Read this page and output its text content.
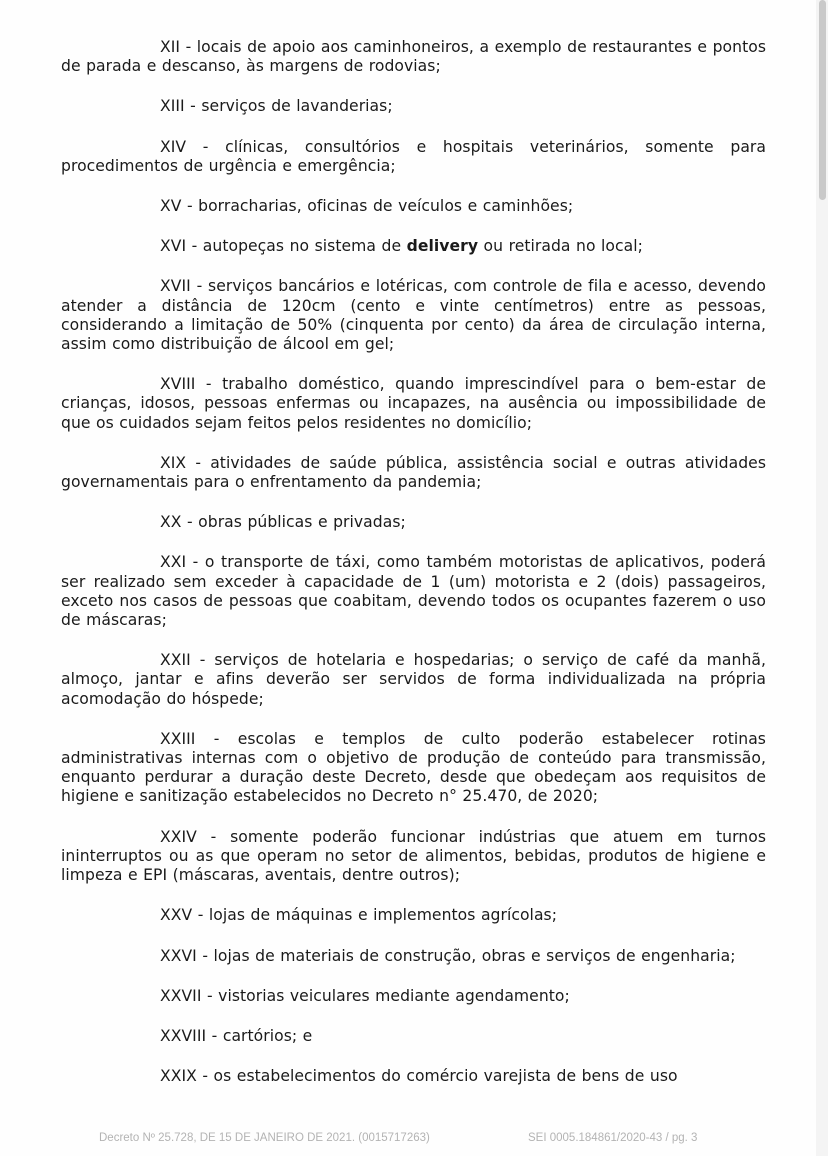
XII - locais de apoio aos caminhoneiros, a exemplo de restaurantes e pontos de parada e descanso, às margens de rodovias;

XIII - serviços de lavanderias;

XIV - clínicas, consultórios e hospitais veterinários, somente para procedimentos de urgência e emergência;

XV - borracharias, oficinas de veículos e caminhões;

XVI - autopeças no sistema de delivery ou retirada no local;

XVII - serviços bancários e lotéricas, com controle de fila e acesso, devendo atender a distância de 120cm (cento e vinte centímetros) entre as pessoas, considerando a limitação de 50% (cinquenta por cento) da área de circulação interna, assim como distribuição de álcool em gel;

XVIII - trabalho doméstico, quando imprescindível para o bem-estar de crianças, idosos, pessoas enfermas ou incapazes, na ausência ou impossibilidade de que os cuidados sejam feitos pelos residentes no domicílio;

XIX - atividades de saúde pública, assistência social e outras atividades governamentais para o enfrentamento da pandemia;

XX - obras públicas e privadas;

XXI - o transporte de táxi, como também motoristas de aplicativos, poderá ser realizado sem exceder à capacidade de 1 (um) motorista e 2 (dois) passageiros, exceto nos casos de pessoas que coabitam, devendo todos os ocupantes fazerem o uso de máscaras;

XXII - serviços de hotelaria e hospedarias; o serviço de café da manhã, almoço, jantar e afins deverão ser servidos de forma individualizada na própria acomodação do hóspede;

XXIII - escolas e templos de culto poderão estabelecer rotinas administrativas internas com o objetivo de produção de conteúdo para transmissão, enquanto perdurar a duração deste Decreto, desde que obedeçam aos requisitos de higiene e sanitização estabelecidos no Decreto n° 25.470, de 2020;

XXIV - somente poderão funcionar indústrias que atuem em turnos ininterruptos ou as que operam no setor de alimentos, bebidas, produtos de higiene e limpeza e EPI (máscaras, aventais, dentre outros);

XXV - lojas de máquinas e implementos agrícolas;

XXVI - lojas de materiais de construção, obras e serviços de engenharia;

XXVII - vistorias veiculares mediante agendamento;

XXVIII - cartórios; e

XXIX - os estabelecimentos do comércio varejista de bens de uso

Decreto Nº 25.728, DE 15 DE JANEIRO DE 2021. (0015717263)	SEI 0005.184861/2020-43 / pg. 3
